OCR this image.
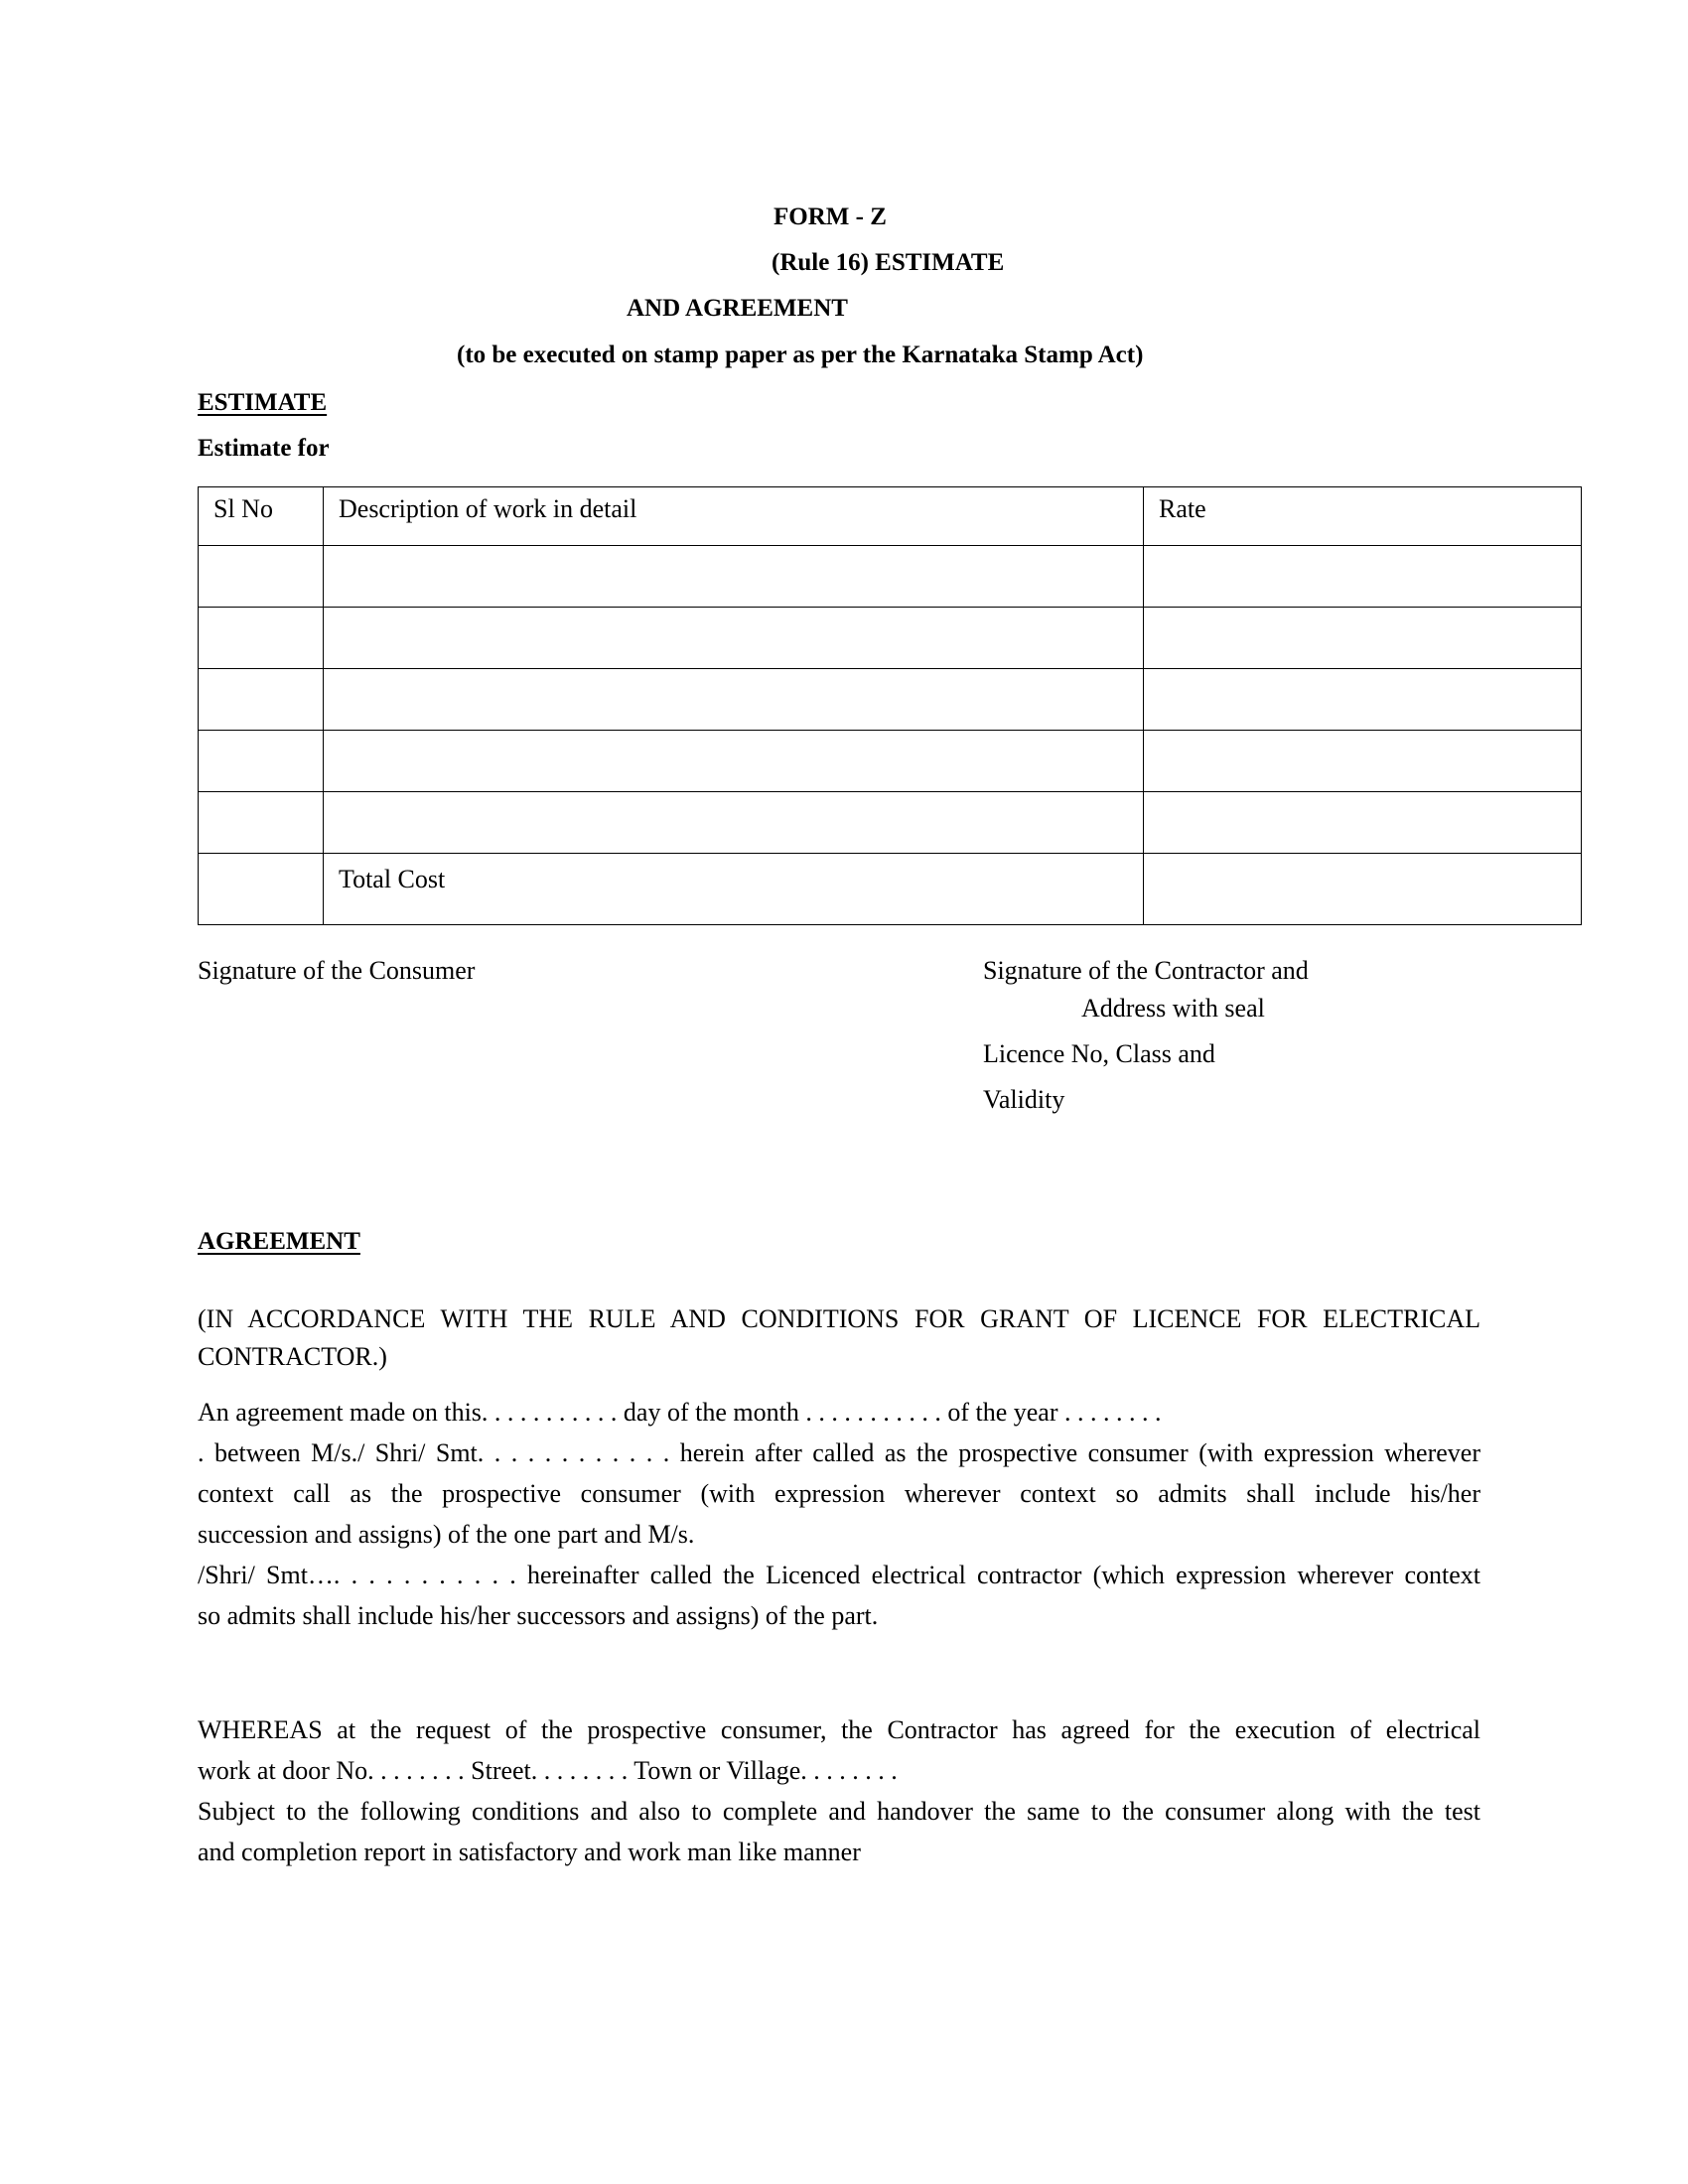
FORM - Z
(Rule 16) ESTIMATE
AND AGREEMENT
(to be executed on stamp paper as per the Karnataka Stamp Act)
ESTIMATE
Estimate for
Sl No	Description of work in detail	Rate

	Total Cost	
Signature of the Consumer	Signature of the Contractor and
Address with seal
Licence No, Class and
Validity
AGREEMENT
(IN ACCORDANCE WITH THE RULE AND CONDITIONS FOR GRANT OF LICENCE FOR ELECTRICAL
CONTRACTOR.)
An agreement made on this. . . . . . . . . . . day of the month . . . . . . . . . . . of the year . . . . . . . .
. between M/s./ Shri/ Smt. . . . . . . . . . . . herein after called as the prospective consumer (with expression wherever
context call as the prospective consumer (with expression wherever context so admits shall include his/her
succession and assigns) of the one part and M/s.
/Shri/ Smt…. . . . . . . . . . . hereinafter called the Licenced electrical contractor (which expression wherever context
so admits shall include his/her successors and assigns) of the part.
WHEREAS at the request of the prospective consumer, the Contractor has agreed for the execution of electrical
work at door No. . . . . . . . Street. . . . . . . . Town or Village. . . . . . . .
Subject to the following conditions and also to complete and handover the same to the consumer along with the test
and completion report in satisfactory and work man like manner
